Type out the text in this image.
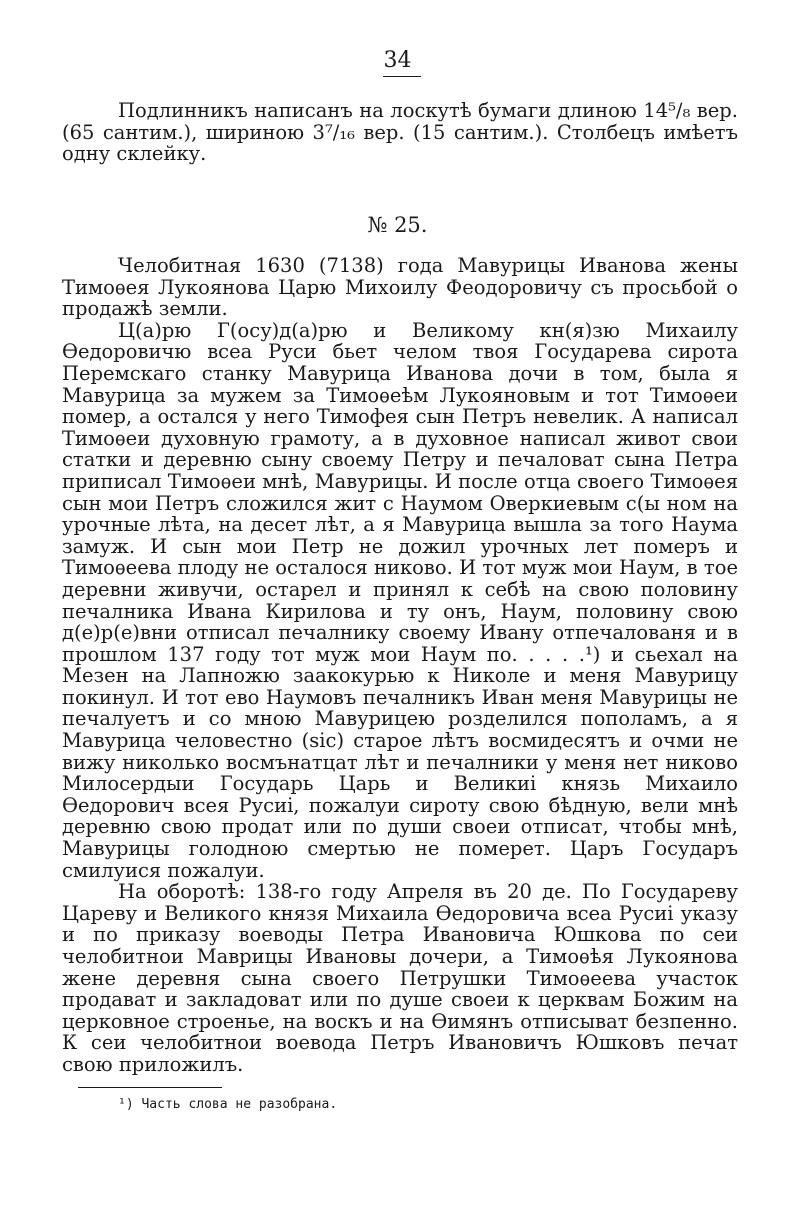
34

Подлинникъ написанъ на лоскутѣ бумаги длиною 14⁵/₈ вер. (65 сантим.), шириною 3⁷/₁₆ вер. (15 сантим.). Столбецъ имѣетъ одну склейку.

№ 25.

Челобитная 1630 (7138) года Мавурицы Иванова жены Тимоѳея Лукоянова Царю Михоилу Феодоровичу съ просьбой о продажѣ земли.

Ц(а)рю Г(осу)д(а)рю и Великому кн(я)зю Михаилу Ѳедоровичю всеа Руси бьет челом твоя Государева сирота Перемскаго станку Мавурица Иванова дочи в том, была я Мавурица за мужем за Тимоѳеѣм Лукояновым и тот Тимоѳеи помер, а остался у него Тимофея сын Петръ невелик. А написал Тимоѳеи духовную грамоту, а в духовное написал живот свои статки и деревню сыну своему Петру и печаловат сына Петра приписал Тимоѳеи мнѣ, Мавурицы. И после отца своего Тимоѳея сын мои Петръ сложился жит с Наумом Оверкиевым с(ы ном на урочные лѣта, на десет лѣт, а я Мавурица вышла за того Наума замуж. И сын мои Петр не дожил урочных лет померъ и Тимоѳеева плоду не осталося никово. И тот муж мои Наум, в тое деревни живучи, остарел и принял к себѣ на свою половину печалника Ивана Кирилова и ту онъ, Наум, половину свою д(е)р(е)вни отписал печалнику своему Ивану отпечалованя и в прошлом 137 году тот муж мои Наум по. . . . .¹) и сьехал на Мезен на Лапножю заакокурью к Николе и меня Мавурицу покинул. И тот ево Наумовъ печалникъ Иван меня Мавурицы не печалуетъ и со мною Мавурицею розделился пополамъ, а я Мавурица человестно (sic) старое лѣтъ восмидесятъ и очми не вижу николько восмънатцат лѣт и печалники у меня нет никово Милосердыи Государь Царь и Великиі князь Михаило Ѳедорович всея Русиі, пожалуи сироту свою бѣдную, вели мнѣ деревню свою продат или по души своеи отписат, чтобы мнѣ, Мавурицы голодною смертью не померет. Царъ Государъ смилуися пожалуи.

На оборотѣ: 138-го году Апреля въ 20 де. По Государеву Цареву и Великого князя Михаила Ѳедоровича всеа Русиі указу и по приказу воеводы Петра Ивановича Юшкова по сеи челобитнои Маврицы Ивановы дочери, а Тимоѳѣя Лукоянова жене деревня сына своего Петрушки Тимоѳеева участок продават и закладоват или по душе своеи к церквам Божим на церковное строенье, на воскъ и на Ѳимянъ отписыват безпенно. К сеи челобитнои воевода Петръ Ивановичъ Юшковъ печат свою приложилъ.

¹) Часть слова не разобрана.
